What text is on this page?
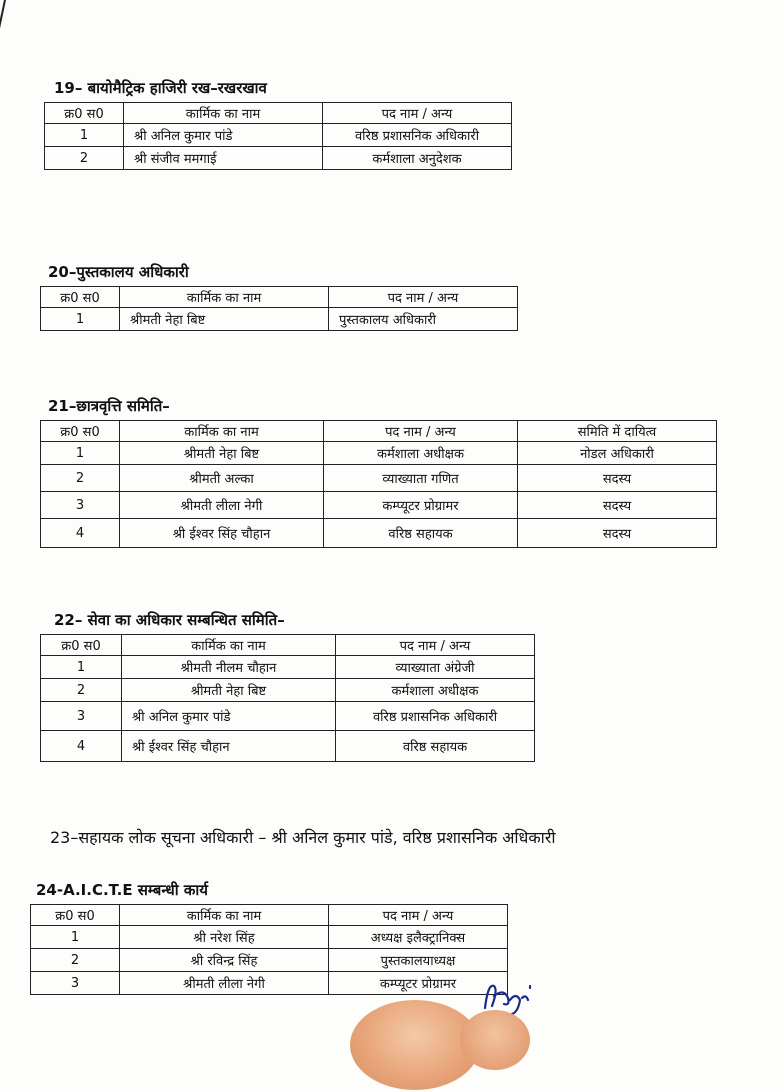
19– बायोमैट्रिक हाजिरी रख–रखरखाव
क्र0 स0	कार्मिक का नाम	पद नाम / अन्य
1	श्री अनिल कुमार पांडे	वरिष्ठ प्रशासनिक अधिकारी
2	श्री संजीव ममगाई	कर्मशाला अनुदेशक
20–पुस्तकालय अधिकारी
क्र0 स0	कार्मिक का नाम	पद नाम / अन्य
1	श्रीमती नेहा बिष्ट	पुस्तकालय अधिकारी
21–छात्रवृत्ति समिति–
क्र0 स0	कार्मिक का नाम	पद नाम / अन्य	समिति में दायित्व
1	श्रीमती नेहा बिष्ट	कर्मशाला अधीक्षक	नोडल अधिकारी
2	श्रीमती अल्का	व्याख्याता गणित	सदस्य
3	श्रीमती लीला नेगी	कम्प्यूटर प्रोग्रामर	सदस्य
4	श्री ईश्वर सिंह चौहान	वरिष्ठ सहायक	सदस्य
22– सेवा का अधिकार सम्बन्धित समिति–
क्र0 स0	कार्मिक का नाम	पद नाम / अन्य
1	श्रीमती नीलम चौहान	व्याख्याता अंग्रेजी
2	श्रीमती नेहा बिष्ट	कर्मशाला अधीक्षक
3	श्री अनिल कुमार पांडे	वरिष्ठ प्रशासनिक अधिकारी
4	श्री ईश्वर सिंह चौहान	वरिष्ठ सहायक
23–सहायक लोक सूचना अधिकारी – श्री अनिल कुमार पांडे, वरिष्ठ प्रशासनिक अधिकारी
24-A.I.C.T.E सम्बन्धी कार्य
क्र0 स0	कार्मिक का नाम	पद नाम / अन्य
1	श्री नरेश सिंह	अध्यक्ष इलैक्ट्रानिक्स
2	श्री रविन्द्र सिंह	पुस्तकालयाध्यक्ष
3	श्रीमती लीला नेगी	कम्प्यूटर प्रोग्रामर
